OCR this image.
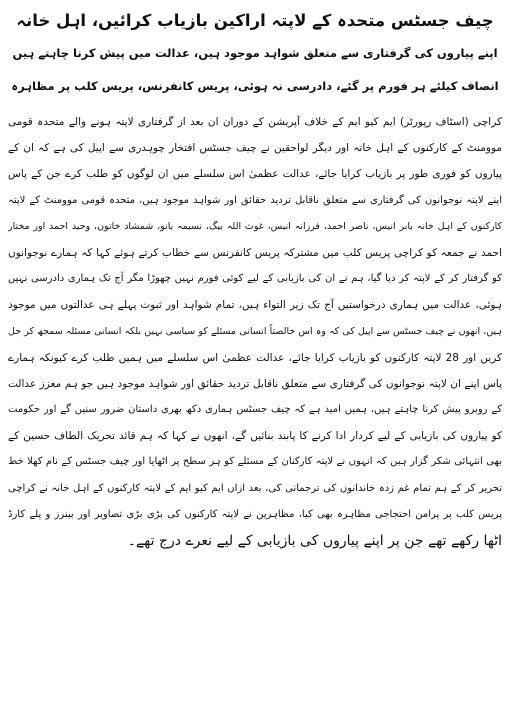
چیف جسٹس متحدہ کے لاپتہ اراکین بازیاب کرائیں، اہل خانہ
اپنے پیاروں کی گرفتاری سے متعلق شواہد موجود ہیں، عدالت میں پیش کرنا چاہتے ہیں
انصاف کیلئے ہر فورم پر گئے، دادرسی نہ ہوئی، پریس کانفرنس، پریس کلب پر مظاہرہ
کراچی (اسٹاف رپورٹر) ایم کیو ایم کے خلاف آپریشن کے دوران ان بعد از گرفتاری لاپتہ ہونے والے متحدہ قومی
موومنٹ کے کارکنوں کے اہل خانہ اور دیگر لواحقین نے چیف جسٹس افتخار چوہدری سے اپیل کی ہے کہ ان کے
پیاروں کو فوری طور پر بازیاب کرایا جائے، عدالت عظمیٰ اس سلسلے میں ان لوگوں کو طلب کرے جن کے پاس
اپنے لاپتہ نوجوانوں کی گرفتاری سے متعلق ناقابل تردید حقائق اور شواہد موجود ہیں، متحدہ قومی موومنٹ کے لاپتہ
کارکنوں کے اہل خانہ بابر انیس، ناصر احمد، فرزانہ انیس، غوث اللہ بیگ، نسیمہ بانو، شمشاد خاتون، وحید احمد اور مختار
احمد نے جمعہ کو کراچی پریس کلب میں مشترکہ پریس کانفرنس سے خطاب کرتے ہوئے کہا کہ ہمارے نوجوانوں
کو گرفتار کر کے لاپتہ کر دیا گیا، ہم نے ان کی بازیابی کے لیے کوئی فورم نہیں چھوڑا مگر آج تک ہماری دادرسی نہیں
ہوئی، عدالت میں ہماری درخواستیں آج تک زیر التواء ہیں، تمام شواہد اور ثبوت پہلے ہی عدالتوں میں موجود
ہیں، انھوں نے چیف جسٹس سے اپیل کی کہ وہ اس خالصتاً انسانی مسئلے کو سیاسی نہیں بلکہ انسانی مسئلہ سمجھ کر حل
کریں اور 28 لاپتہ کارکنوں کو بازیاب کرایا جائے، عدالت عظمیٰ اس سلسلے میں ہمیں طلب کرے کیونکہ ہمارے
پاس اپنے ان لاپتہ نوجوانوں کی گرفتاری سے متعلق ناقابل تردید حقائق اور شواہد موجود ہیں جو ہم معزز عدالت
کے روبرو پیش کرنا چاہتے ہیں، ہمیں امید ہے کہ چیف جسٹس ہماری دکھ بھری داستان ضرور سنیں گے اور حکومت
کو پیاروں کی بازیابی کے لیے کردار ادا کرنے کا پابند بنائیں گے، انھوں نے کہا کہ ہم قائد تحریک الطاف حسین کے
بھی انتہائی شکر گزار ہیں کہ انہوں نے لاپتہ کارکنان کے مسئلے کو ہر سطح پر اٹھایا اور چیف جسٹس کے نام کھلا خط
تحریر کر کے ہم تمام غم زدہ خاندانوں کی ترجمانی کی، بعد ازاں ایم کیو ایم کے لاپتہ کارکنوں کے اہل خانہ نے کراچی
پریس کلب پر پرامن احتجاجی مظاہرہ بھی کیا، مظاہرین نے لاپتہ کارکنوں کی بڑی بڑی تصاویر اور بینرز و پلے کارڈ
اٹھا رکھے تھے جن پر اپنے پیاروں کی بازیابی کے لیے نعرے درج تھے۔
